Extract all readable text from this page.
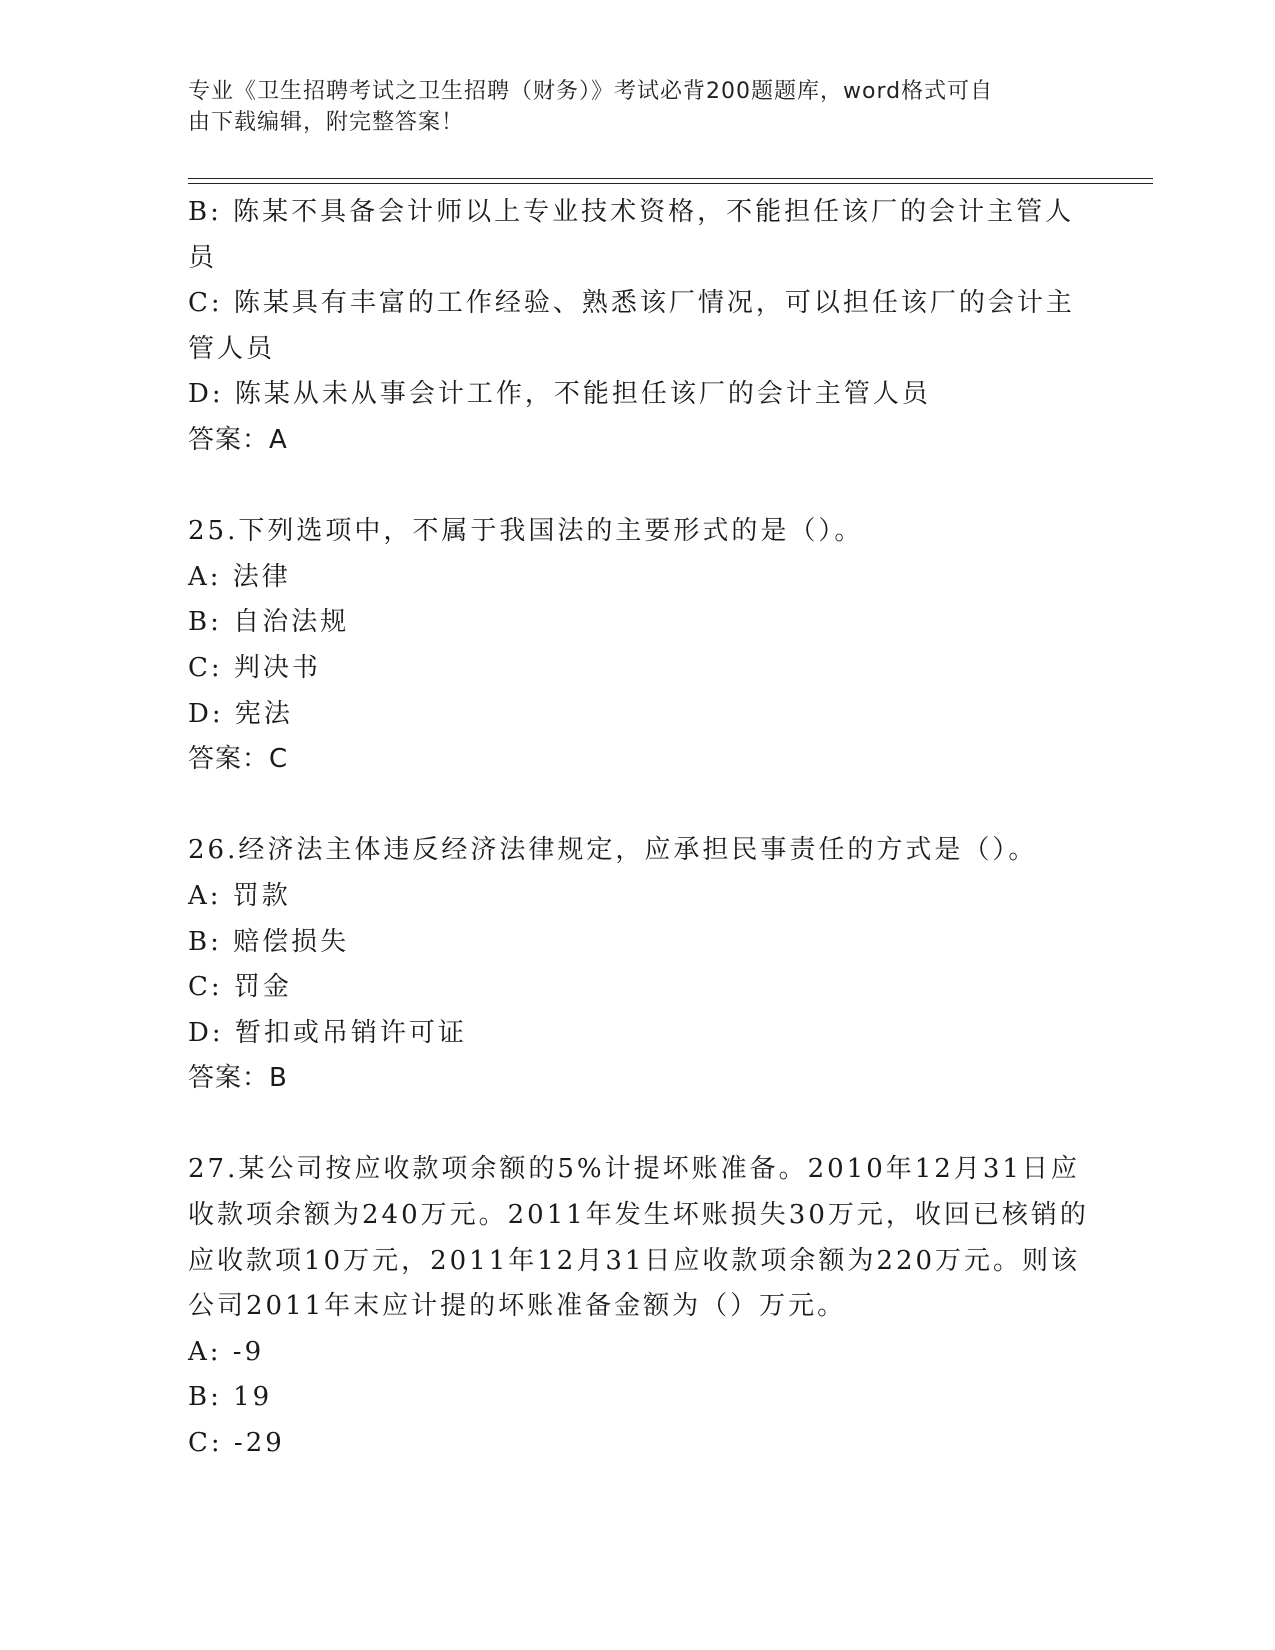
专业《卫生招聘考试之卫生招聘（财务）》考试必背200题题库，word格式可自
由下载编辑，附完整答案！
B: 陈某不具备会计师以上专业技术资格，不能担任该厂的会计主管人
员
C: 陈某具有丰富的工作经验、熟悉该厂情况，可以担任该厂的会计主
管人员
D: 陈某从未从事会计工作，不能担任该厂的会计主管人员
答案：A
25.下列选项中，不属于我国法的主要形式的是（）。
A: 法律
B: 自治法规
C: 判决书
D: 宪法
答案：C
26.经济法主体违反经济法律规定，应承担民事责任的方式是（）。
A: 罚款
B: 赔偿损失
C: 罚金
D: 暂扣或吊销许可证
答案：B
27.某公司按应收款项余额的5%计提坏账准备。2010年12月31日应
收款项余额为240万元。2011年发生坏账损失30万元，收回已核销的
应收款项10万元，2011年12月31日应收款项余额为220万元。则该
公司2011年末应计提的坏账准备金额为（）万元。
A: -9
B: 19
C: -29
